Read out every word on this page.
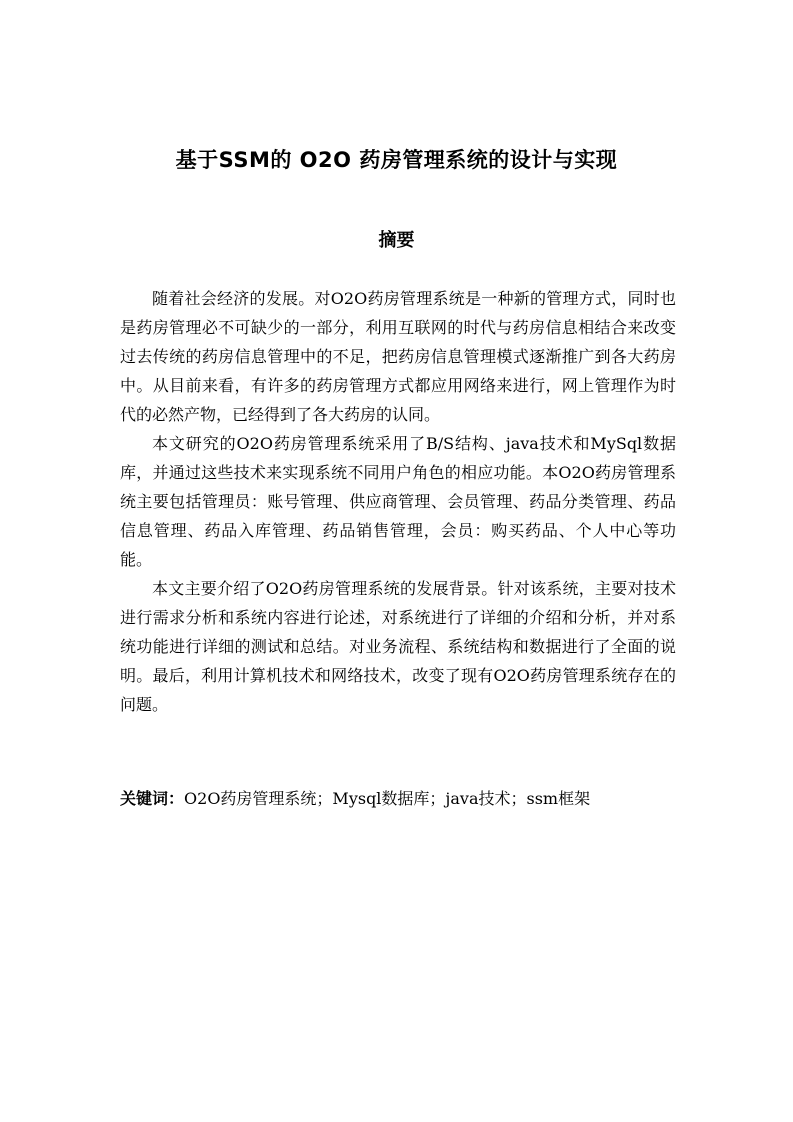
基于SSM的 O2O 药房管理系统的设计与实现
摘要

随着社会经济的发展。对O2O药房管理系统是一种新的管理方式，同时也是药房管理必不可缺少的一部分，利用互联网的时代与药房信息相结合来改变过去传统的药房信息管理中的不足，把药房信息管理模式逐渐推广到各大药房中。从目前来看，有许多的药房管理方式都应用网络来进行，网上管理作为时代的必然产物，已经得到了各大药房的认同。

本文研究的O2O药房管理系统采用了B/S结构、java技术和MySql数据库，并通过这些技术来实现系统不同用户角色的相应功能。本O2O药房管理系统主要包括管理员：账号管理、供应商管理、会员管理、药品分类管理、药品信息管理、药品入库管理、药品销售管理，会员：购买药品、个人中心等功能。

本文主要介绍了O2O药房管理系统的发展背景。针对该系统，主要对技术进行需求分析和系统内容进行论述，对系统进行了详细的介绍和分析，并对系统功能进行详细的测试和总结。对业务流程、系统结构和数据进行了全面的说明。最后，利用计算机技术和网络技术，改变了现有O2O药房管理系统存在的问题。

关键词：O2O药房管理系统；Mysql数据库；java技术；ssm框架
